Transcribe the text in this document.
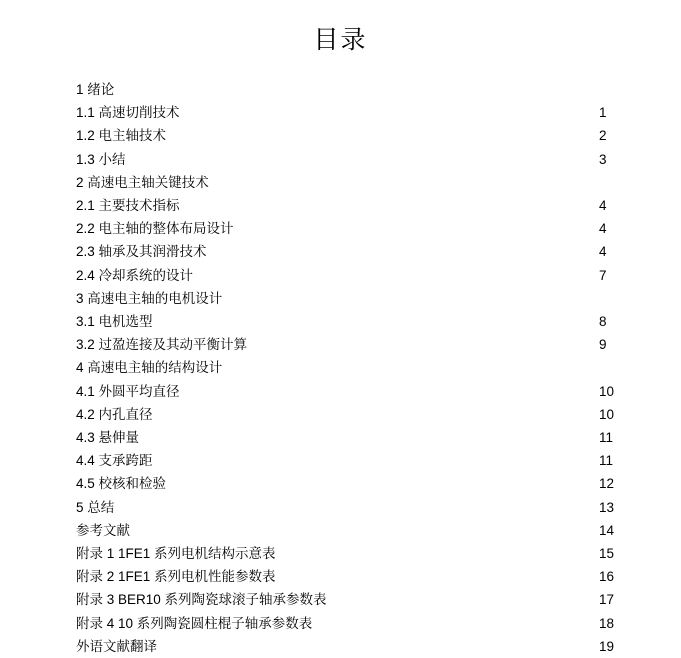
目录
1 绪论
1.1 高速切削技术	1
1.2 电主轴技术	2
1.3 小结	3
2 高速电主轴关键技术
2.1 主要技术指标	4
2.2 电主轴的整体布局设计	4
2.3 轴承及其润滑技术	4
2.4 冷却系统的设计	7
3 高速电主轴的电机设计
3.1 电机选型	8
3.2 过盈连接及其动平衡计算	9
4 高速电主轴的结构设计
4.1 外圆平均直径	10
4.2 内孔直径	10
4.3 悬伸量	11
4.4 支承跨距	11
4.5 校核和检验	12
5 总结	13
参考文献	14
附录 1 1FE1 系列电机结构示意表	15
附录 2 1FE1 系列电机性能参数表	16
附录 3 BER10 系列陶瓷球滚子轴承参数表	17
附录 4 10 系列陶瓷圆柱棍子轴承参数表	18
外语文献翻译	19
